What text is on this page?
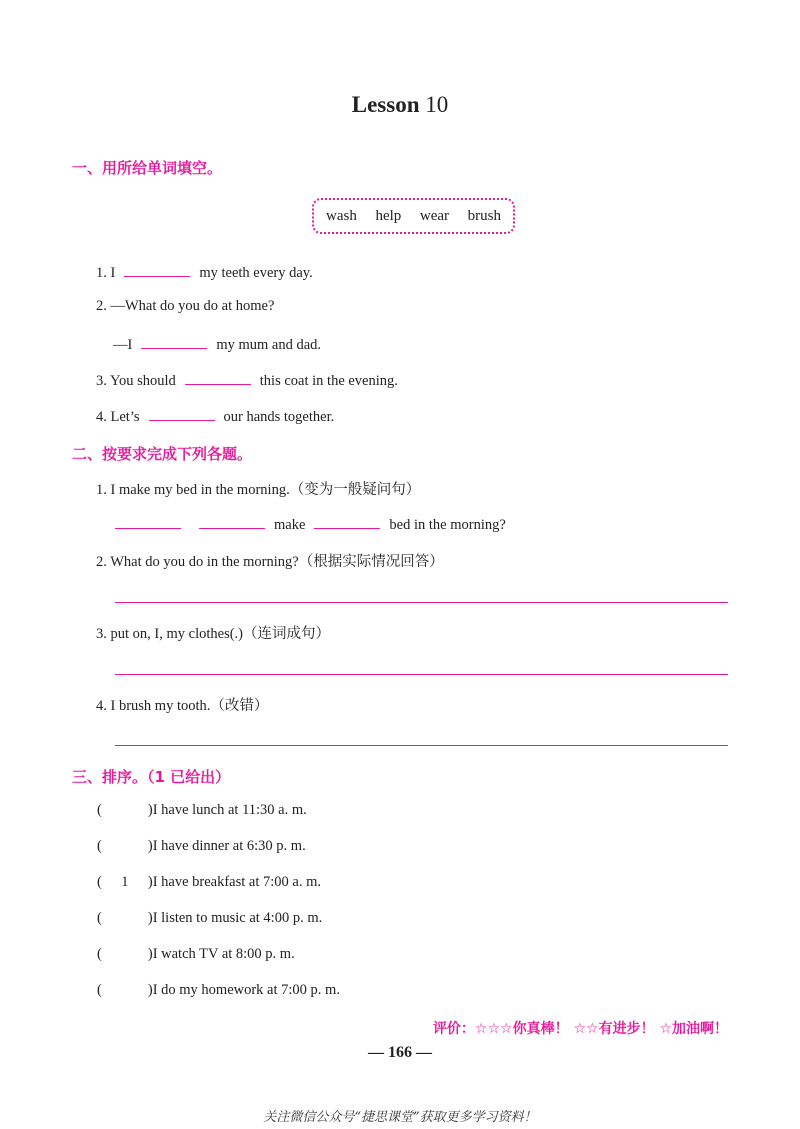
Lesson 10
一、用所给单词填空。
wash help wear brush
1. I	my teeth every day.
2. —What do you do at home?
—I	my mum and dad.
3. You should	this coat in the evening.
4. Let’s	our hands together.
二、按要求完成下列各题。
1. I make my bed in the morning.（变为一般疑问句）
make	bed in the morning?
2. What do you do in the morning?（根据实际情况回答）
3. put on, I, my clothes(.)（连词成句）
4. I brush my tooth.（改错）
三、排序。（1 已给出）
(	)I have lunch at 11:30 a. m.
(	)I have dinner at 6:30 p. m.
( 1 )I have breakfast at 7:00 a. m.
(	)I listen to music at 4:00 p. m.
(	)I watch TV at 8:00 p. m.
(	)I do my homework at 7:00 p. m.
评价：☆☆☆你真棒！ ☆☆有进步！ ☆加油啊！
— 166 —
关注微信公众号“捷思课堂”获取更多学习资料！
